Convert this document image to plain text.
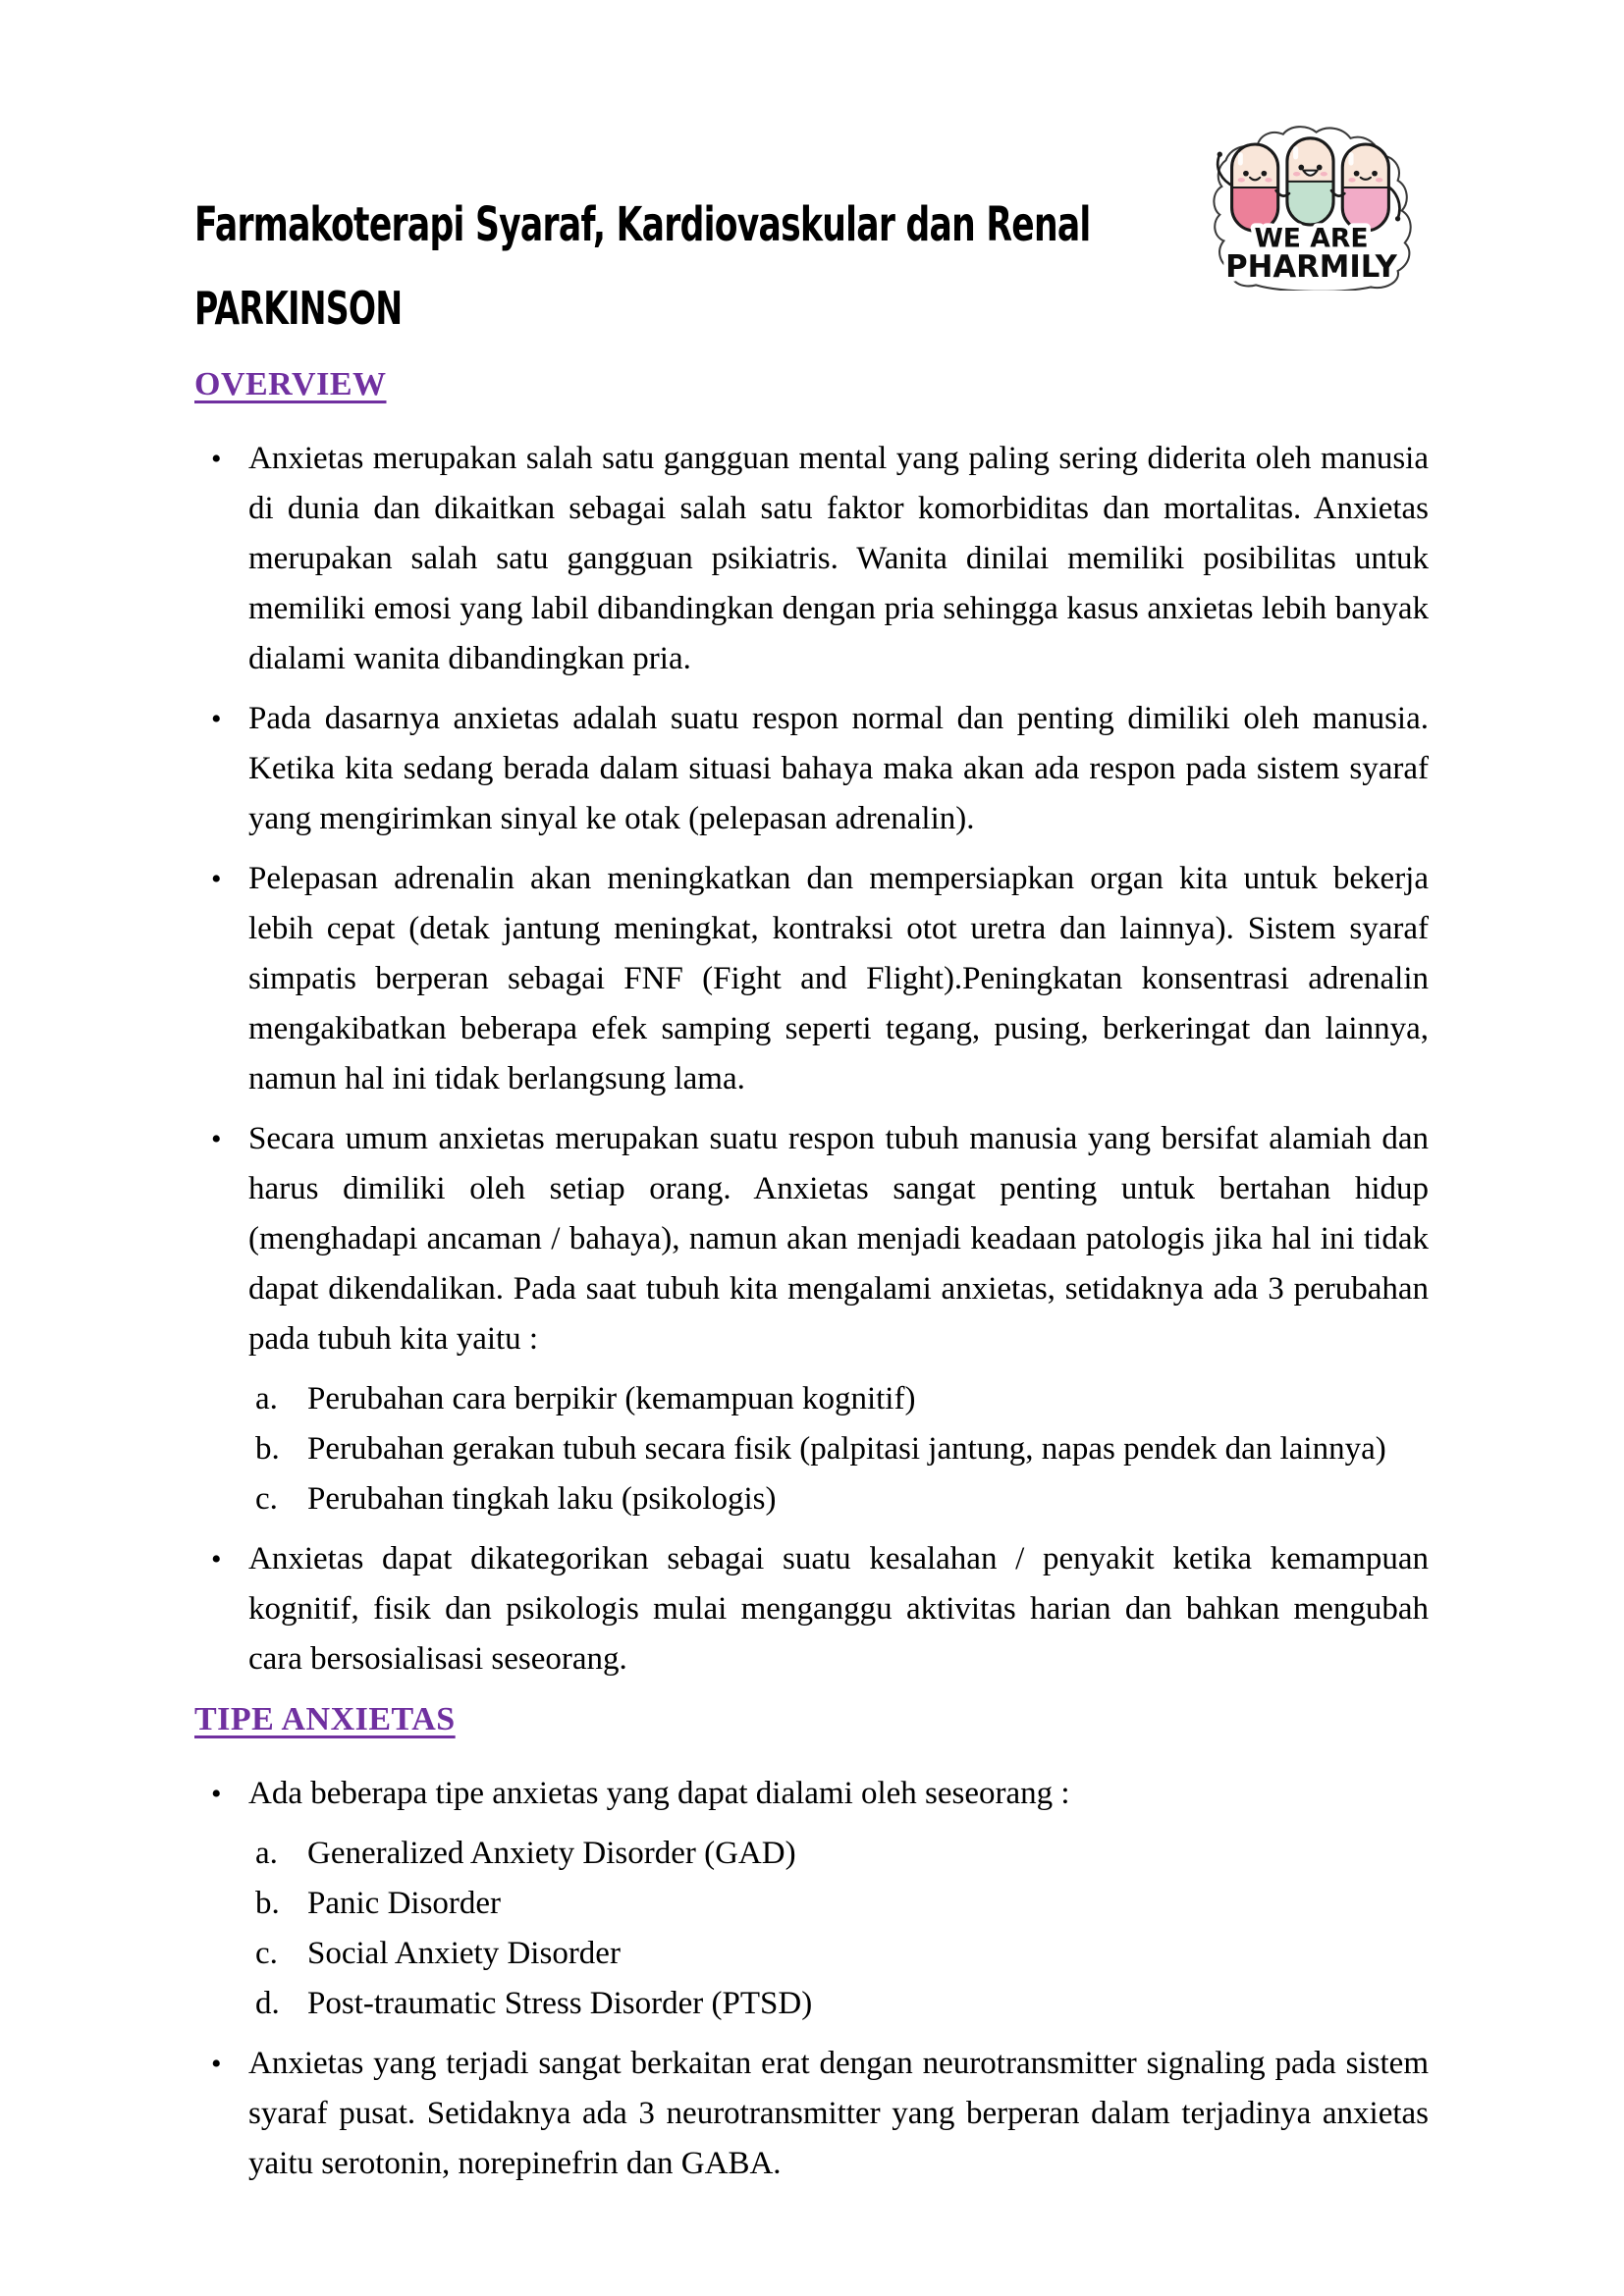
WE ARE
PHARMILY
Farmakoterapi Syaraf, Kardiovaskular dan Renal
PARKINSON
OVERVIEW
• Anxietas merupakan salah satu gangguan mental yang paling sering diderita oleh manusia di dunia dan dikaitkan sebagai salah satu faktor komorbiditas dan mortalitas. Anxietas merupakan salah satu gangguan psikiatris. Wanita dinilai memiliki posibilitas untuk memiliki emosi yang labil dibandingkan dengan pria sehingga kasus anxietas lebih banyak dialami wanita dibandingkan pria.
• Pada dasarnya anxietas adalah suatu respon normal dan penting dimiliki oleh manusia. Ketika kita sedang berada dalam situasi bahaya maka akan ada respon pada sistem syaraf yang mengirimkan sinyal ke otak (pelepasan adrenalin).
• Pelepasan adrenalin akan meningkatkan dan mempersiapkan organ kita untuk bekerja lebih cepat (detak jantung meningkat, kontraksi otot uretra dan lainnya). Sistem syaraf simpatis berperan sebagai FNF (Fight and Flight).Peningkatan konsentrasi adrenalin mengakibatkan beberapa efek samping seperti tegang, pusing, berkeringat dan lainnya, namun hal ini tidak berlangsung lama.
• Secara umum anxietas merupakan suatu respon tubuh manusia yang bersifat alamiah dan harus dimiliki oleh setiap orang. Anxietas sangat penting untuk bertahan hidup (menghadapi ancaman / bahaya), namun akan menjadi keadaan patologis jika hal ini tidak dapat dikendalikan. Pada saat tubuh kita mengalami anxietas, setidaknya ada 3 perubahan pada tubuh kita yaitu :
a. Perubahan cara berpikir (kemampuan kognitif)
b. Perubahan gerakan tubuh secara fisik (palpitasi jantung, napas pendek dan lainnya)
c. Perubahan tingkah laku (psikologis)
• Anxietas dapat dikategorikan sebagai suatu kesalahan / penyakit ketika kemampuan kognitif, fisik dan psikologis mulai menganggu aktivitas harian dan bahkan mengubah cara bersosialisasi seseorang.
TIPE ANXIETAS
• Ada beberapa tipe anxietas yang dapat dialami oleh seseorang :
a. Generalized Anxiety Disorder (GAD)
b. Panic Disorder
c. Social Anxiety Disorder
d. Post-traumatic Stress Disorder (PTSD)
• Anxietas yang terjadi sangat berkaitan erat dengan neurotransmitter signaling pada sistem syaraf pusat. Setidaknya ada 3 neurotransmitter yang berperan dalam terjadinya anxietas yaitu serotonin, norepinefrin dan GABA.
